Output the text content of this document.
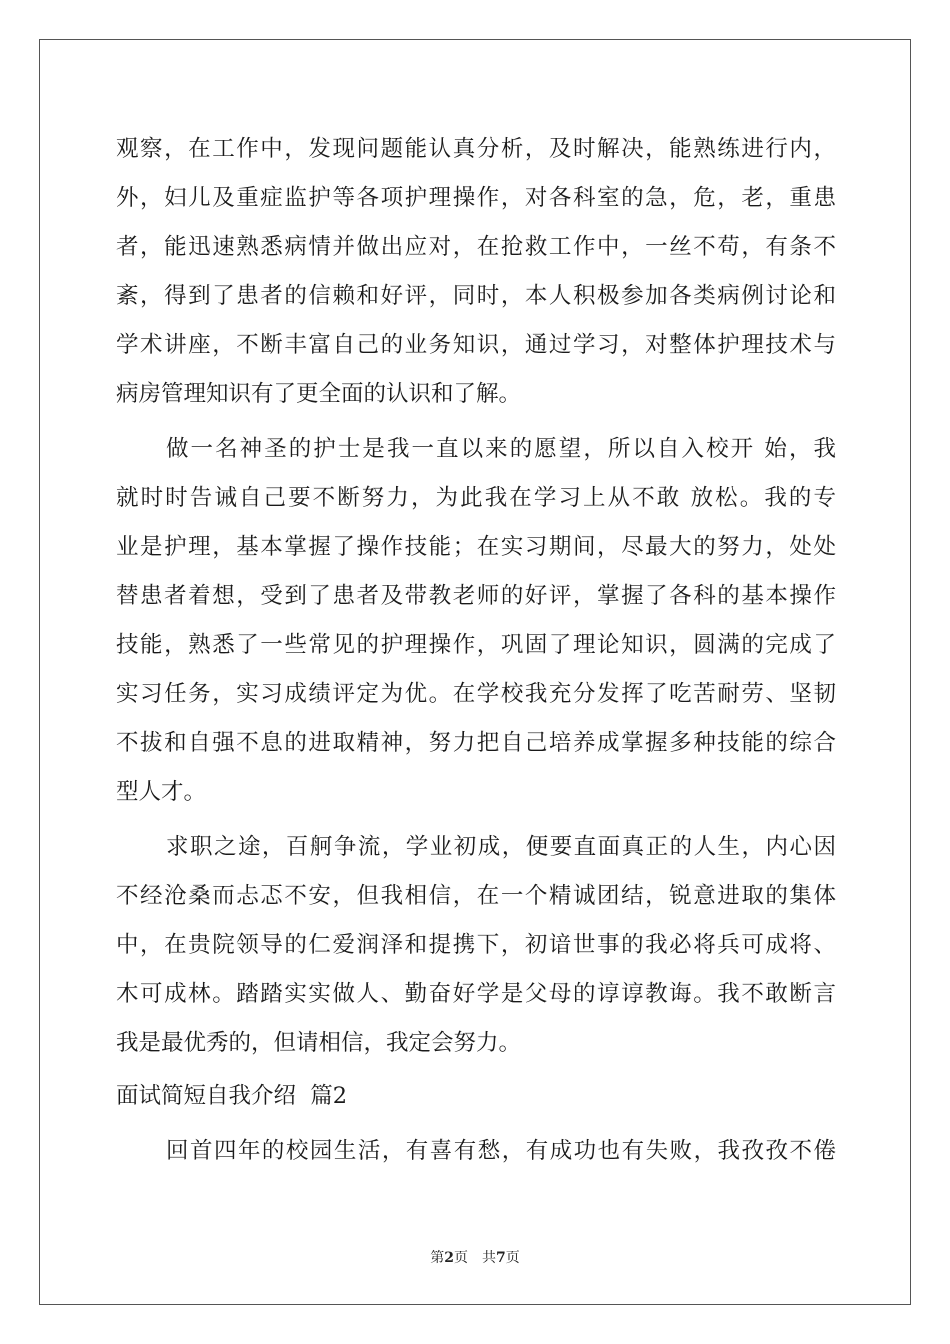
观察，在工作中，发现问题能认真分析，及时解决，能熟练进行内，
外，妇儿及重症监护等各项护理操作，对各科室的急，危，老，重患
者，能迅速熟悉病情并做出应对，在抢救工作中，一丝不苟，有条不
紊，得到了患者的信赖和好评，同时，本人积极参加各类病例讨论和
学术讲座，不断丰富自己的业务知识，通过学习，对整体护理技术与
病房管理知识有了更全面的认识和了解。
做一名神圣的护士是我一直以来的愿望，所以自入校开 始，我
就时时告诫自己要不断努力，为此我在学习上从不敢 放松。我的专
业是护理，基本掌握了操作技能；在实习期间，尽最大的努力，处处
替患者着想，受到了患者及带教老师的好评，掌握了各科的基本操作
技能，熟悉了一些常见的护理操作，巩固了理论知识，圆满的完成了
实习任务，实习成绩评定为优。在学校我充分发挥了吃苦耐劳、坚韧
不拔和自强不息的进取精神，努力把自己培养成掌握多种技能的综合
型人才。
求职之途，百舸争流，学业初成，便要直面真正的人生，内心因
不经沧桑而忐忑不安，但我相信，在一个精诚团结，锐意进取的集体
中，在贵院领导的仁爱润泽和提携下，初谙世事的我必将兵可成将、
木可成林。踏踏实实做人、勤奋好学是父母的谆谆教诲。我不敢断言
我是最优秀的，但请相信，我定会努力。
面试简短自我介绍  篇2
回首四年的校园生活，有喜有愁，有成功也有失败，我孜孜不倦
第2页 共7页
